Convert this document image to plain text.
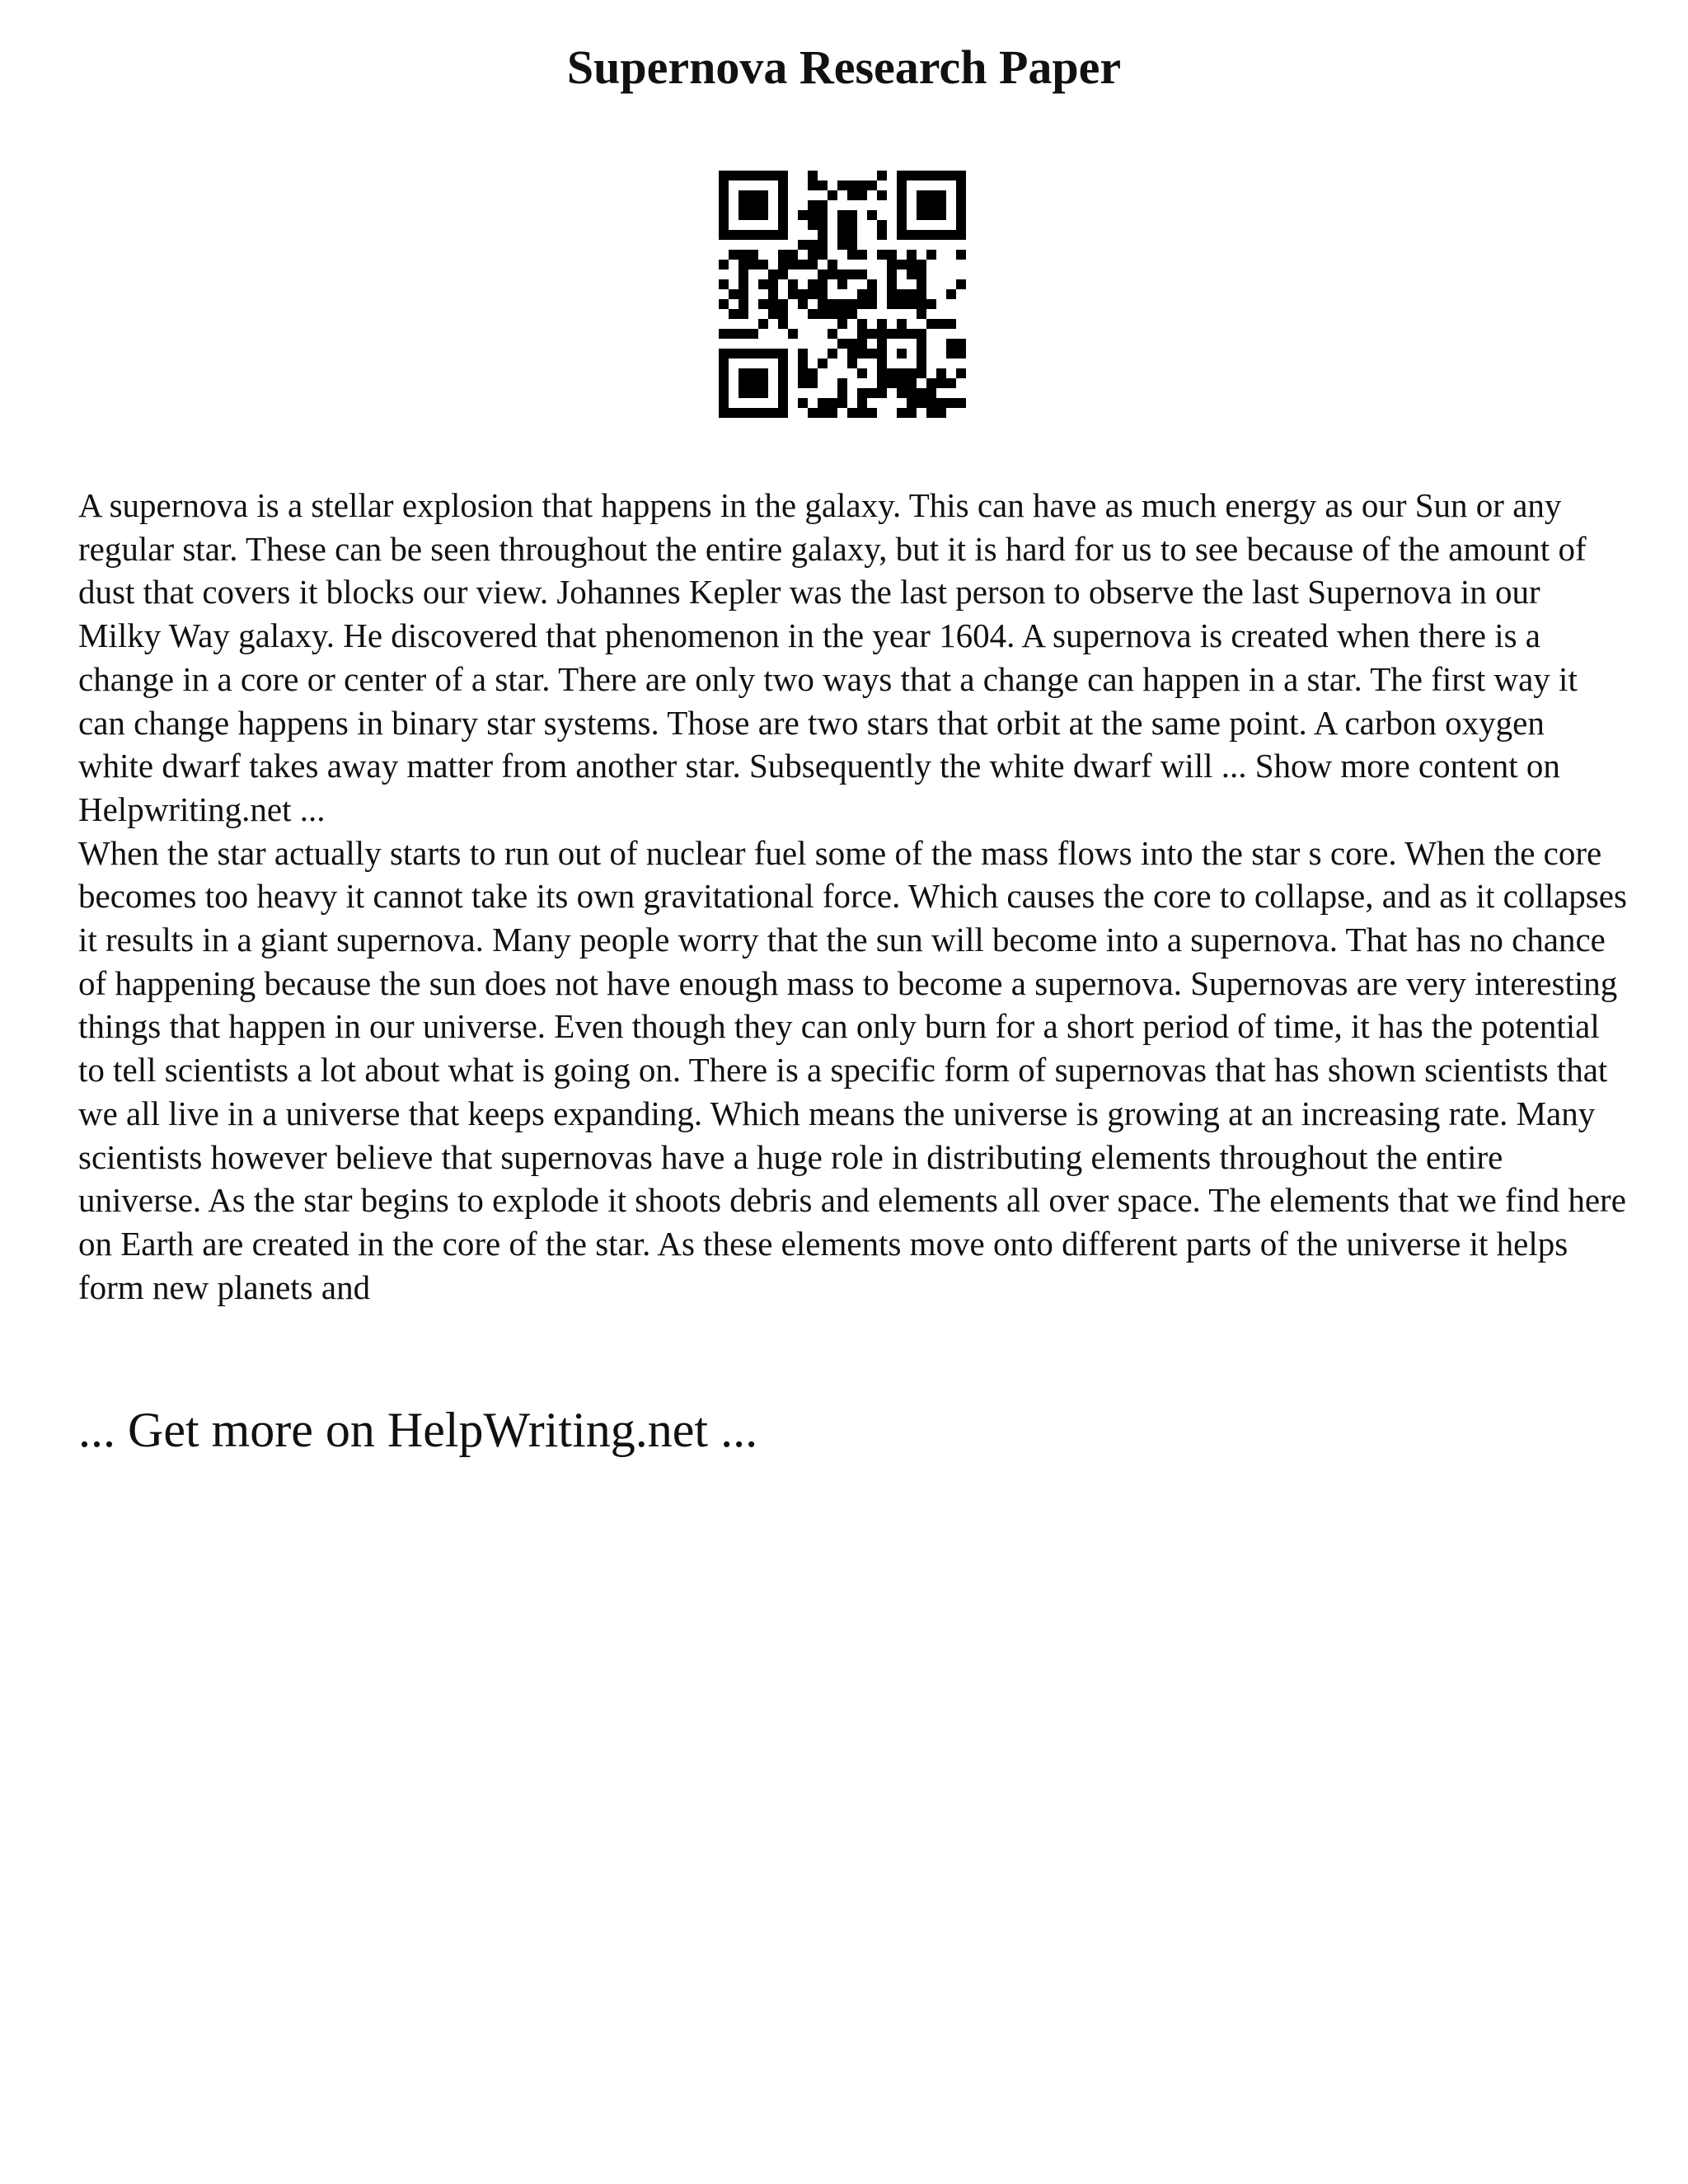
Supernova Research Paper

A supernova is a stellar explosion that happens in the galaxy. This can have as much energy as our Sun or any regular star. These can be seen throughout the entire galaxy, but it is hard for us to see because of the amount of dust that covers it blocks our view. Johannes Kepler was the last person to observe the last Supernova in our Milky Way galaxy. He discovered that phenomenon in the year 1604. A supernova is created when there is a change in a core or center of a star. There are only two ways that a change can happen in a star. The first way it can change happens in binary star systems. Those are two stars that orbit at the same point. A carbon oxygen white dwarf takes away matter from another star. Subsequently the white dwarf will ... Show more content on Helpwriting.net ...

When the star actually starts to run out of nuclear fuel some of the mass flows into the star s core. When the core becomes too heavy it cannot take its own gravitational force. Which causes the core to collapse, and as it collapses it results in a giant supernova. Many people worry that the sun will become into a supernova. That has no chance of happening because the sun does not have enough mass to become a supernova. Supernovas are very interesting things that happen in our universe. Even though they can only burn for a short period of time, it has the potential to tell scientists a lot about what is going on. There is a specific form of supernovas that has shown scientists that we all live in a universe that keeps expanding. Which means the universe is growing at an increasing rate. Many scientists however believe that supernovas have a huge role in distributing elements throughout the entire universe. As the star begins to explode it shoots debris and elements all over space. The elements that we find here on Earth are created in the core of the star. As these elements move onto different parts of the universe it helps form new planets and

... Get more on HelpWriting.net ...
